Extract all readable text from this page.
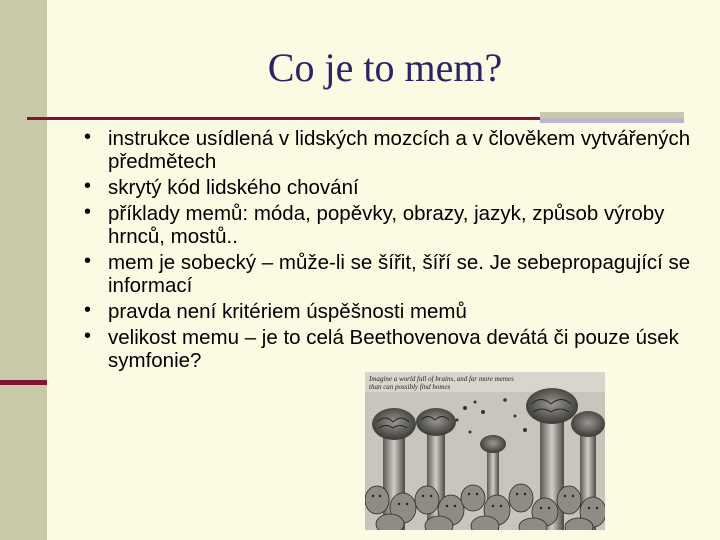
Co je to mem?
• instrukce usídlená v lidských mozcích a v člověkem vytvářených předmětech
• skrytý kód lidského chování
• příklady memů: móda, popěvky, obrazy, jazyk, způsob výroby hrnců, mostů..
• mem je sobecký – může-li se šířit, šíří se. Je sebepropagující se informací
• pravda není kritériem úspěšnosti memů
• velikost memu – je to celá Beethovenova devátá či pouze úsek symfonie?
Imagine a world full of brains, and far more memes than can possibly find homes
